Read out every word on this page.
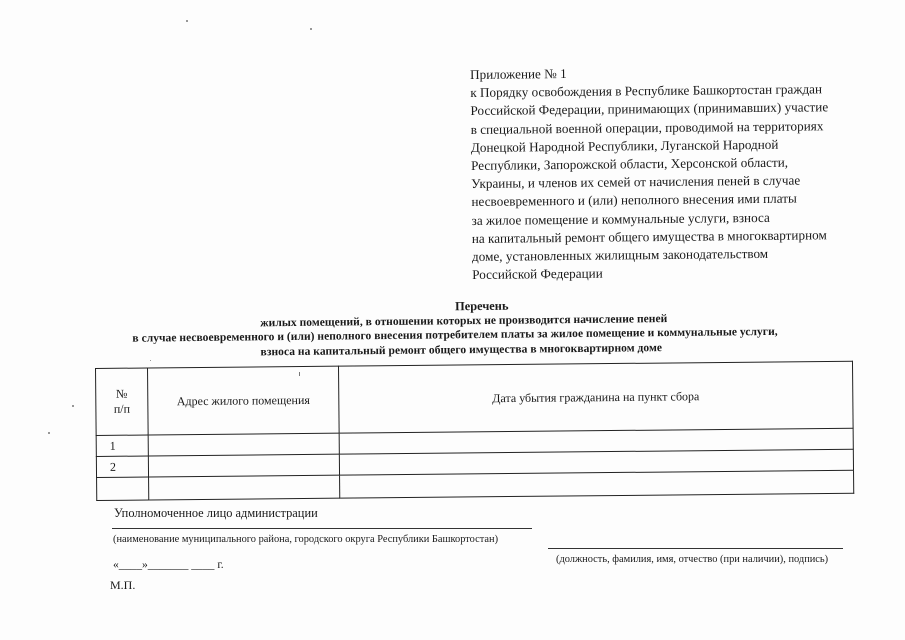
Приложение № 1
к Порядку освобождения в Республике Башкортостан граждан
Российской Федерации, принимающих (принимавших) участие
в специальной военной операции, проводимой на территориях
Донецкой Народной Республики, Луганской Народной
Республики, Запорожской области, Херсонской области,
Украины, и членов их семей от начисления пеней в случае
несвоевременного и (или) неполного внесения ими платы
за жилое помещение и коммунальные услуги, взноса
на капитальный ремонт общего имущества в многоквартирном
доме, установленных жилищным законодательством
Российской Федерации
Перечень
жилых помещений, в отношении которых не производится начисление пеней
в случае несвоевременного и (или) неполного внесения потребителем платы за жилое помещение и коммунальные услуги,
взноса на капитальный ремонт общего имущества в многоквартирном доме
№
п/п	Адрес жилого помещения	Дата убытия гражданина на пункт сбора
1		
2		

Уполномоченное лицо администрации
(наименование муниципального района, городского округа Республики Башкортостан)
(должность, фамилия, имя, отчество (при наличии), подпись)
«____»_______ ____ г.
М.П.
